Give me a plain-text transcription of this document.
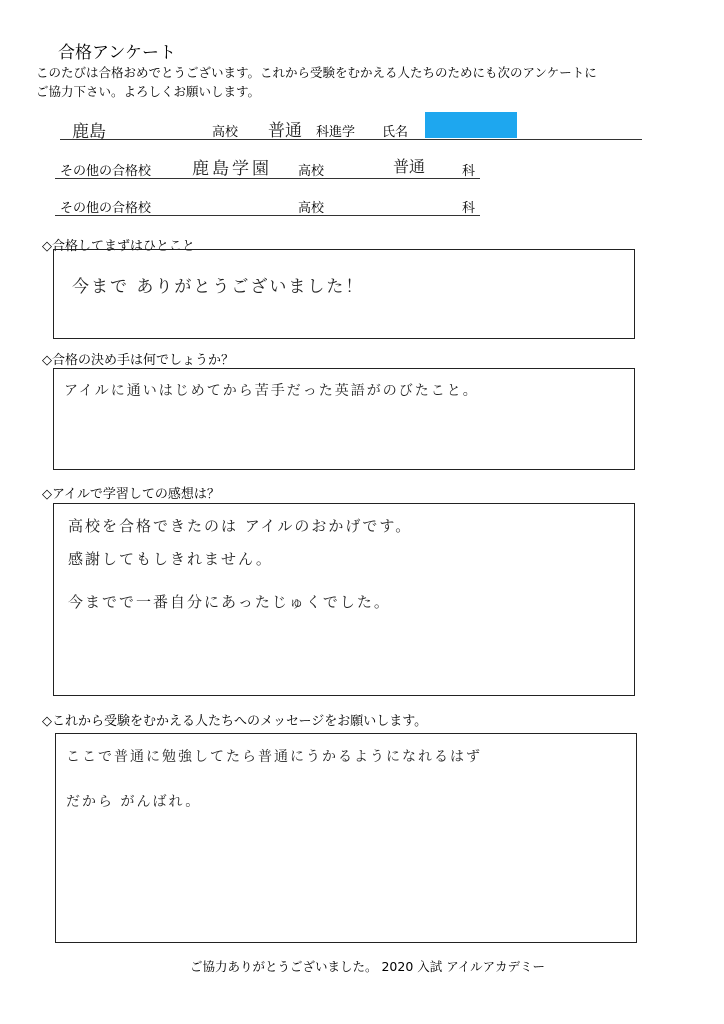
合格アンケート
このたびは合格おめでとうございます。これから受験をむかえる人たちのためにも次のアンケートに
ご協力下さい。よろしくお願いします。
鹿島	高校 普通 科進学 氏名
その他の合格校 鹿島学園 高校	普通	科
その他の合格校	高校	科
◇合格してまずはひとこと
今まで ありがとうございました！
◇合格の決め手は何でしょうか？
アイルに通いはじめてから苦手だった英語がのびたこと。
◇アイルで学習しての感想は？
高校を合格できたのは アイルのおかげです。
感謝してもしきれません。
今までで一番自分にあったじゅくでした。
◇これから受験をむかえる人たちへのメッセージをお願いします。
ここで普通に勉強してたら普通にうかるようになれるはず
だから がんばれ。
ご協力ありがとうございました。 2020 入試 アイルアカデミー
